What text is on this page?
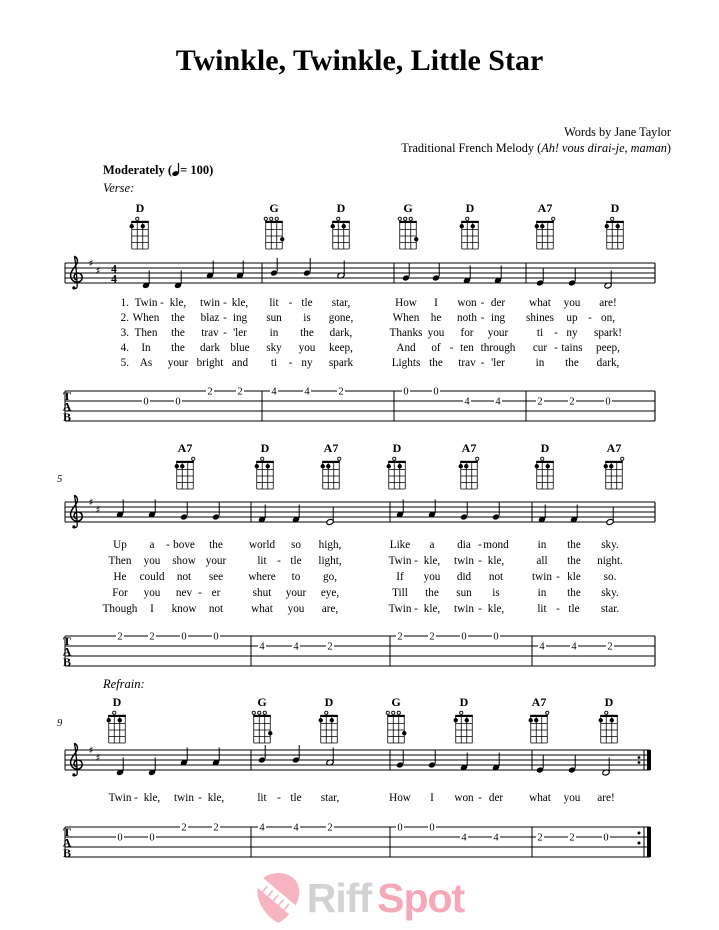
Twinkle, Twinkle, Little Star
Words by Jane Taylor
Traditional French Melody (Ah! vous dirai-je, maman)
Moderately ( = 100)
Verse:
♯
♯ 4
4
D	G	D	G	D	A7	D
1. Twin kle, twin kle, lit tle star,	How I won der what you are!
-	-	-	-
2. When the blaz ing sun is gone,	When he noth ing shines up on,
-	-	-
3. Then the trav 'ler in the dark,	Thanks you for your	ti ny spark!
-	-
4. In the dark blue sky you keep,	And of ten through cur tains peep,
-	-
5. As your bright and ti ny spark	Lights the trav 'ler	in the dark,
-	-
T
A
B
0	0
2 2	4	4	2	0 0
4 4	2	2	0
5
♯
♯
A7	D	A7	D	A7	D	A7
Up a bove the world so high,	Like a dia mond	in the sky.
-	-
Then you show your	lit tle light,	Twin kle, twin kle,	all the night.
-	-	-
He could not see where to go,	If you did not	twin kle so.
-
For you nev er	shut your eye,	Till the sun is	in the sky.
-
Though I know not what you are,	Twin kle, twin kle,	lit tle star.
-	-	-
T
A
B
2	2	0	0
4	4	2
2	2	0	0
4	4	2
Refrain:
9
♯
♯
D	G	D	G	D	A7	D
Twin kle, twin kle,	lit tle star,	How I won der what you are!
-	-	-	-
T
A
B
0	0
2	2	4	4	2	0	0
4	4	2	2	0
Riff Spot
